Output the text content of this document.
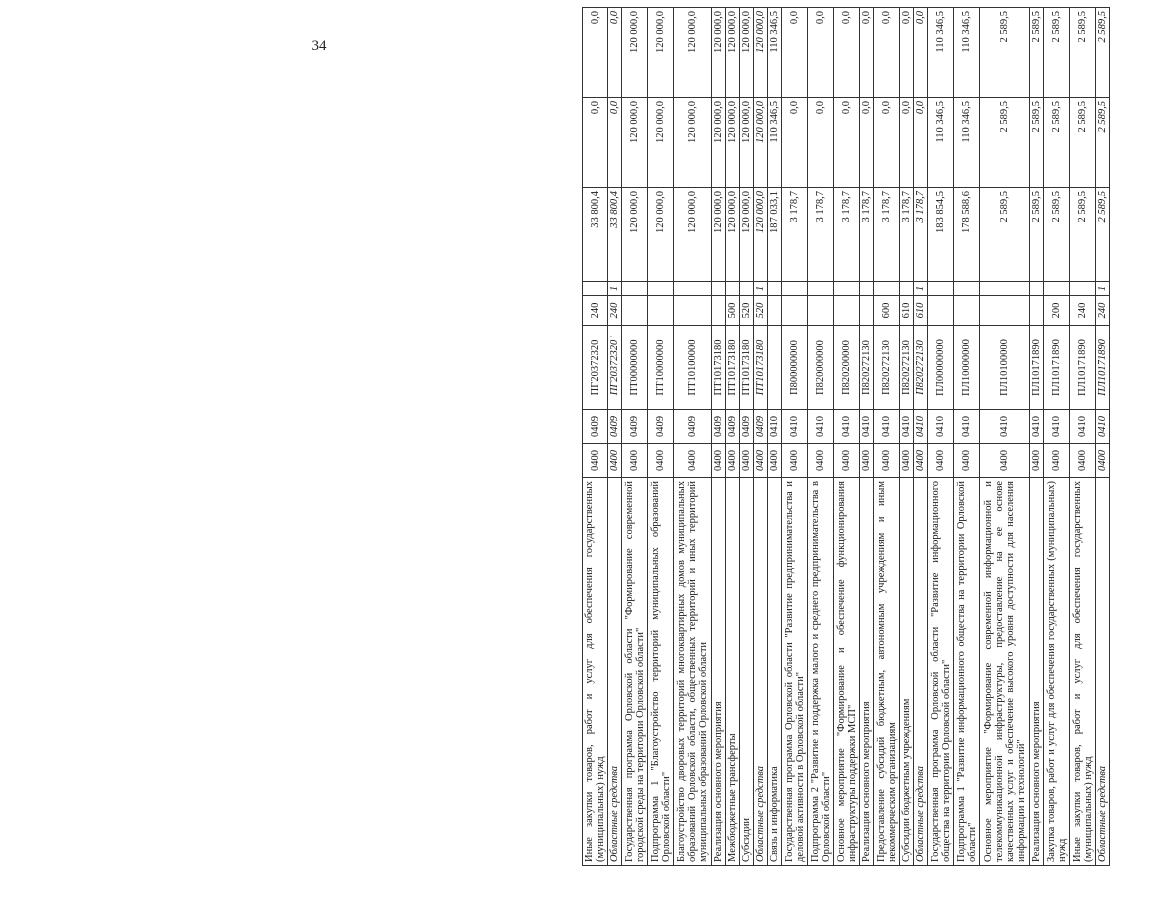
34
.
Иные закупки товаров, работ и услуг для обеспечения государственных (муниципальных) нужд	0400	0409	ПГ20372320	240		33 800,4	0,0	0,0
Областные средства	0400	0409	ПГ20372320	240	1	33 800,4	0,0	0,0
Государственная программа Орловской области "Формирование современной городской среды на территории Орловской области"	0400	0409	ПТ00000000			120 000,0	120 000,0	120 000,0
Подпрограмма 1 "Благоустройство территорий муниципальных образований Орловской области"	0400	0409	ПТ10000000			120 000,0	120 000,0	120 000,0
Благоустройство дворовых территорий многоквартирных домов муниципальных образований Орловской области, общественных территорий и иных территорий муниципальных образований Орловской области	0400	0409	ПТ10100000			120 000,0	120 000,0	120 000,0
Реализация основного мероприятия	0400	0409	ПТ10173180			120 000,0	120 000,0	120 000,0
Межбюджетные трансферты	0400	0409	ПТ10173180	500		120 000,0	120 000,0	120 000,0
Субсидии	0400	0409	ПТ10173180	520		120 000,0	120 000,0	120 000,0
Областные средства	0400	0409	ПТ10173180	520	1	120 000,0	120 000,0	120 000,0
Связь и информатика	0400	0410				187 033,1	110 346,5	110 346,5
Государственная программа Орловской области "Развитие предпринимательства и деловой активности в Орловской области"	0400	0410	П800000000			3 178,7	0,0	0,0
Подпрограмма 2 "Развитие и поддержка малого и среднего предпринимательства в Орловской области"	0400	0410	П820000000			3 178,7	0,0	0,0
Основное мероприятие "Формирование и обеспечение функционирования инфраструктуры поддержки МСП"	0400	0410	П820200000			3 178,7	0,0	0,0
Реализация основного мероприятия	0400	0410	П820272130			3 178,7	0,0	0,0
Предоставление субсидий бюджетным, автономным учреждениям и иным некоммерческим организациям	0400	0410	П820272130	600		3 178,7	0,0	0,0
Субсидии бюджетным учреждениям	0400	0410	П820272130	610		3 178,7	0,0	0,0
Областные средства	0400	0410	П820272130	610	1	3 178,7	0,0	0,0
Государственная программа Орловской области "Развитие информационного общества на территории Орловской области"	0400	0410	ПЛ00000000			183 854,5	110 346,5	110 346,5
Подпрограмма 1 "Развитие информационного общества на территории Орловской области"	0400	0410	ПЛ10000000			178 588,6	110 346,5	110 346,5
Основное мероприятие "Формирование современной информационной и телекоммуникационной инфраструктуры, предоставление на ее основе качественных услуг и обеспечение высокого уровня доступности для населения информации и технологий"	0400	0410	ПЛ10100000			2 589,5	2 589,5	2 589,5
Реализация основного мероприятия	0400	0410	ПЛ10171890			2 589,5	2 589,5	2 589,5
Закупка товаров, работ и услуг для обеспечения государственных (муниципальных) нужд	0400	0410	ПЛ10171890	200		2 589,5	2 589,5	2 589,5
Иные закупки товаров, работ и услуг для обеспечения государственных (муниципальных) нужд	0400	0410	ПЛ10171890	240		2 589,5	2 589,5	2 589,5
Областные средства	0400	0410	ПЛ10171890	240	1	2 589,5	2 589,5	2 589,5
